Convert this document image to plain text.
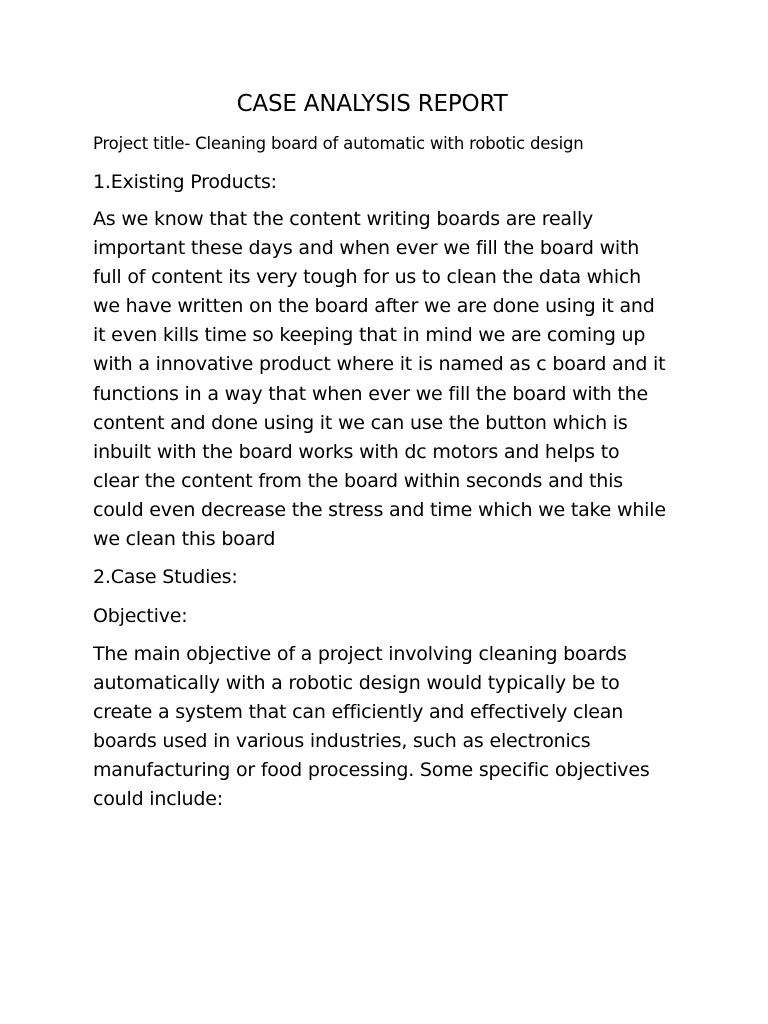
CASE ANALYSIS REPORT
Project title- Cleaning board of automatic with robotic design
1.Existing Products:
As we know that the content writing boards are really
important these days and when ever we fill the board with
full of content its very tough for us to clean the data which
we have written on the board after we are done using it and
it even kills time so keeping that in mind we are coming up
with a innovative product where it is named as c board and it
functions in a way that when ever we fill the board with the
content and done using it we can use the button which is
inbuilt with the board works with dc motors and helps to
clear the content from the board within seconds and this
could even decrease the stress and time which we take while
we clean this board
2.Case Studies:
Objective:
The main objective of a project involving cleaning boards
automatically with a robotic design would typically be to
create a system that can efficiently and effectively clean
boards used in various industries, such as electronics
manufacturing or food processing. Some specific objectives
could include:
